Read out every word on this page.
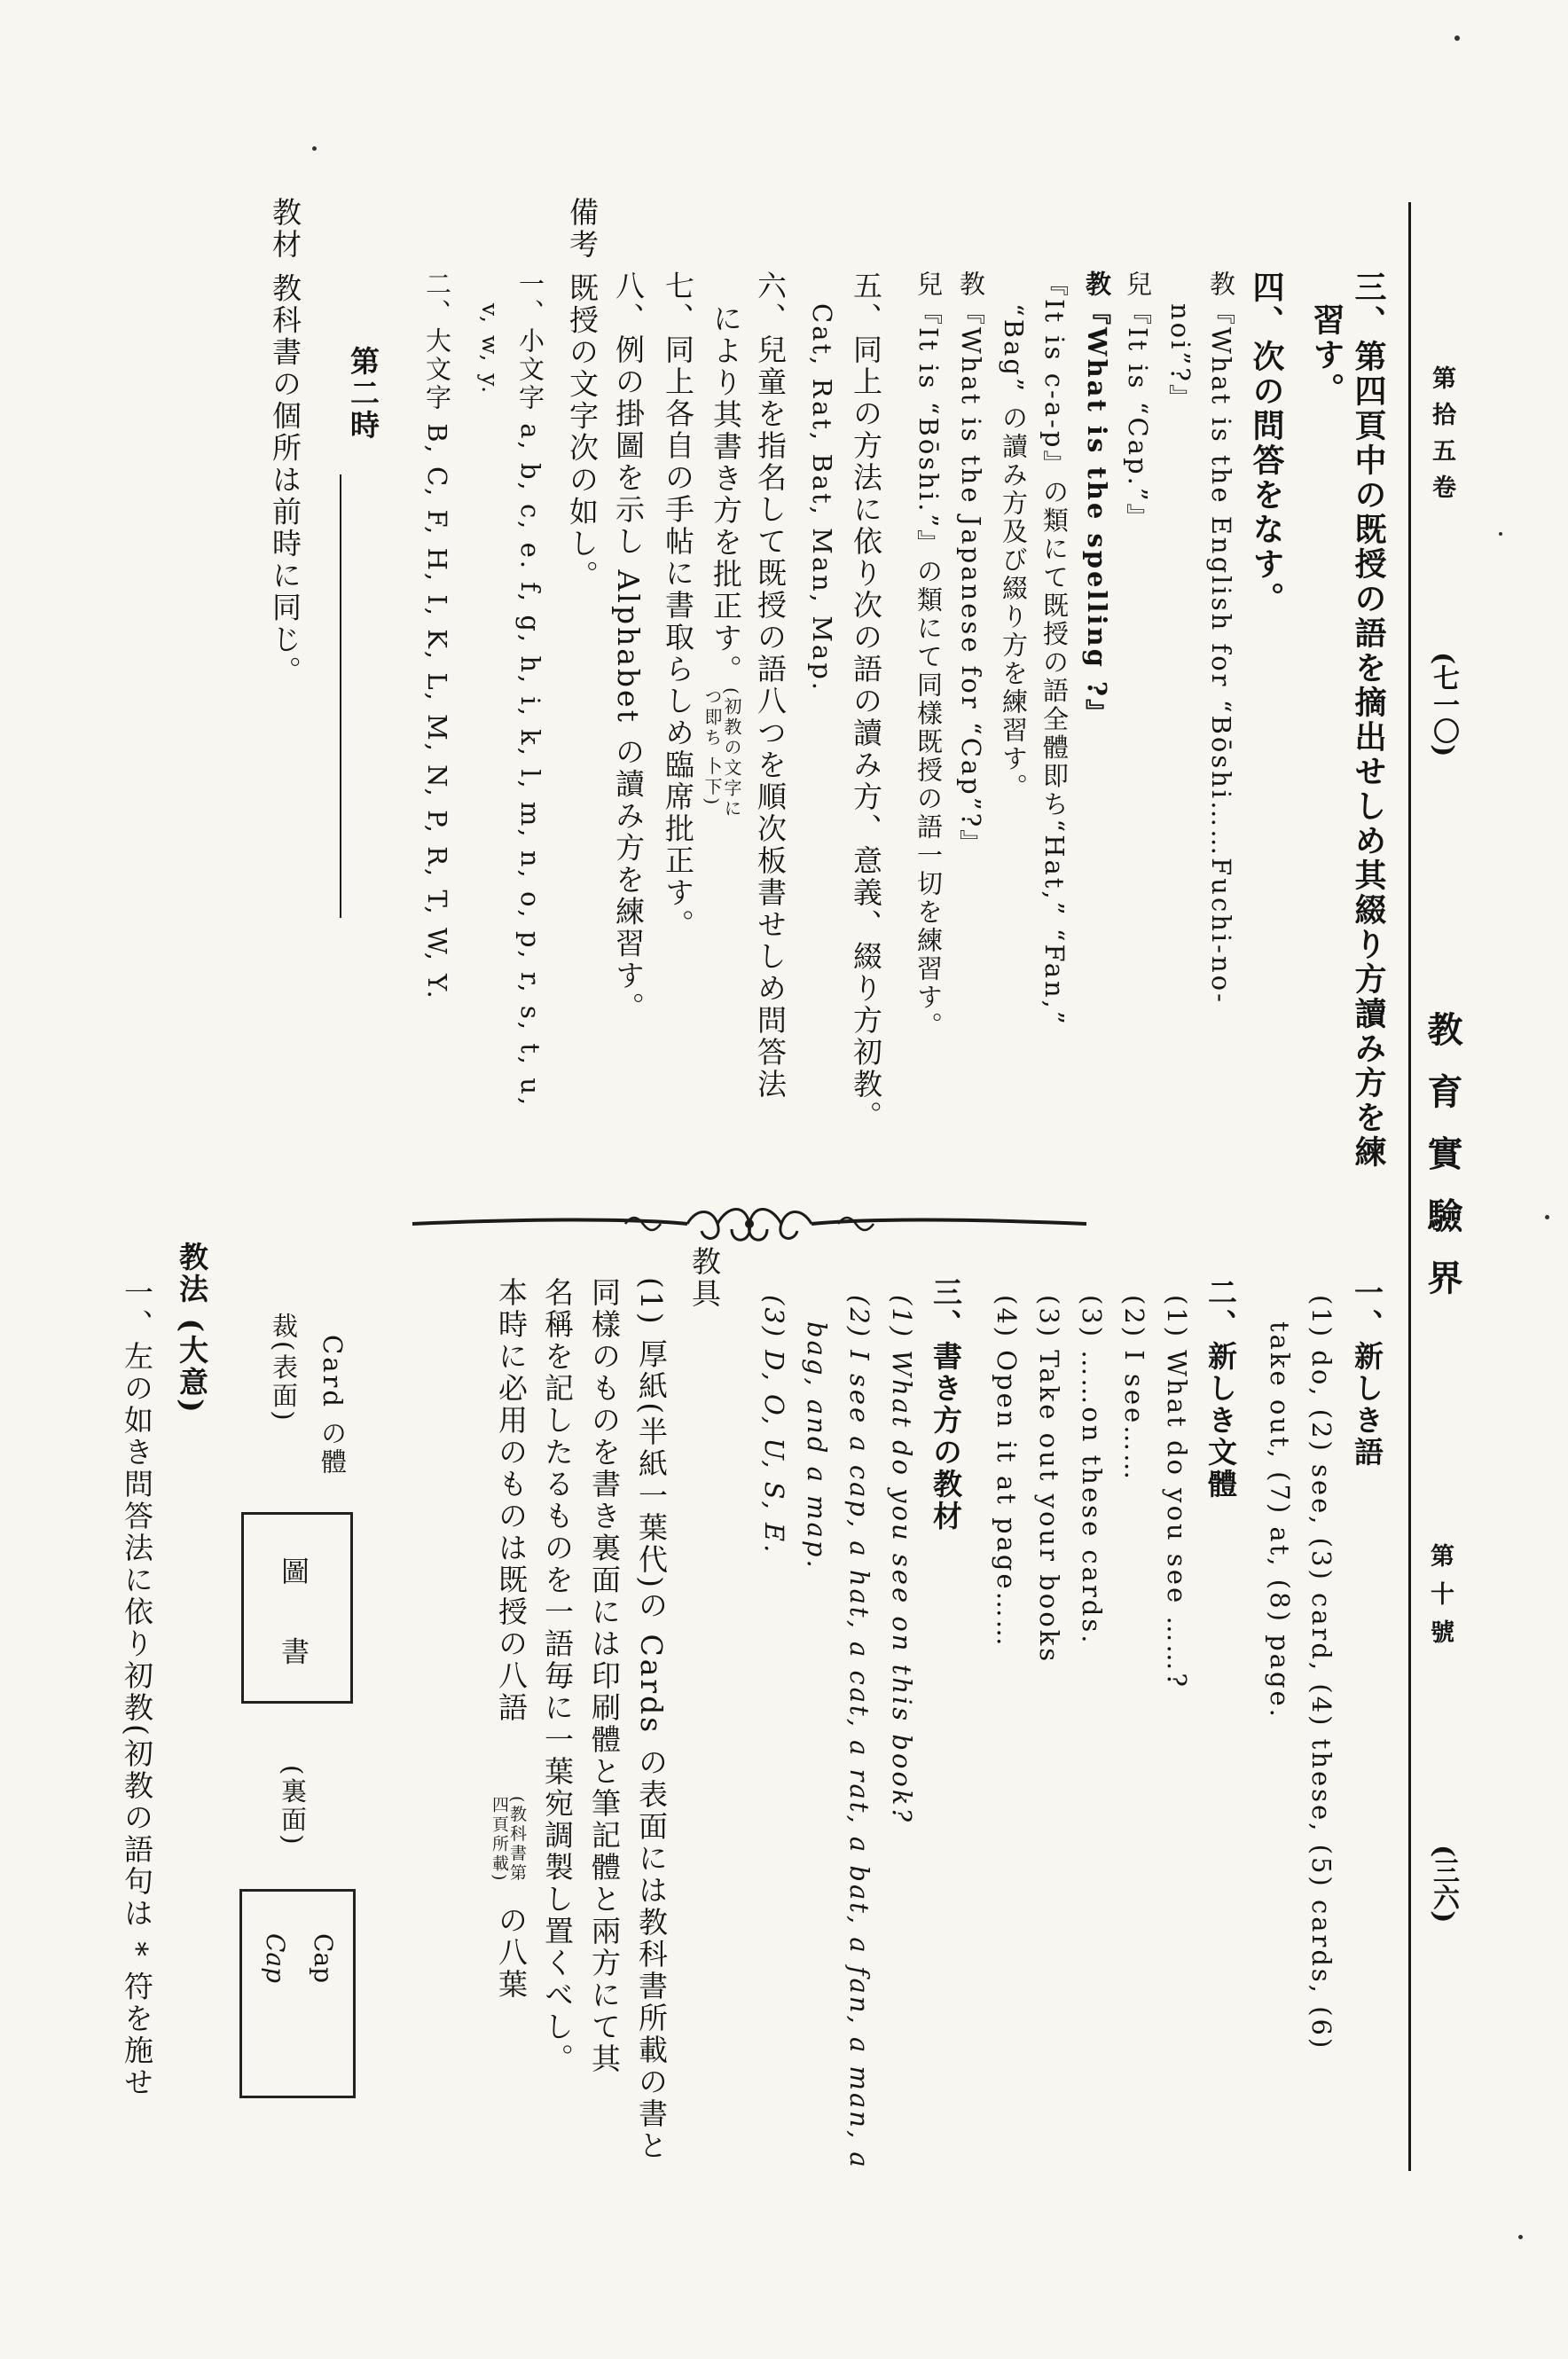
第拾五卷
(七一〇)
教育實驗界
第十號
(三六)
三、第四頁中の既授の語を摘出せしめ其綴り方讀み方を練
習す。
四、次の問答をなす。
教『What is the English for “Bōshi……Fuchi-no-
noi”?』
兒『It is “Cap.”』
教『What is the spelling ?』
『It is c-a-p』の類にて既授の語全體即ち“Hat,” “Fan,”
“Bag” の讀み方及び綴り方を練習す。
教『What is the Japanese for “Cap”?』
兒『It is “Bōshi.”』の類にて同樣既授の語一切を練習す。
五、同上の方法に依り次の語の讀み方、意義、綴り方初教。
Cat, Rat, Bat, Man, Map.
六、兒童を指名して既授の語八つを順次板書せしめ問答法
により其書き方を批正す。
(初教の文字に
つ即ち 卜下)
七、同上各自の手帖に書取らしめ臨席批正す。
八、例の掛圖を示し Alphabet の讀み方を練習す。
備考 既授の文字次の如し。
一、小文字 a, b, c, e. f, g, h, i, k, l, m, n, o, p, r, s, t, u,
v, w, y.
二、大文字 B, C, F, H, I, K, L, M, N, P, R, T, W, Y.
第二時
教材 教科書の個所は前時に同じ。
一、新しき語
(1) do, (2) see, (3) card, (4) these, (5) cards, (6)
take out, (7) at, (8) page.
二、新しき文體
(1) What do you see ……?
(2) I see……
(3) ……on these cards.
(3) Take out your books
(4) Open it at page……
三、書き方の教材
(1) What do you see on this book?
(2) I see a cap, a hat, a cat, a rat, a bat, a fan, a man, a
bag, and a map.
(3) D, O, U, S, E.
教具
(1) 厚紙(半紙一葉代)の Cards の表面には教科書所載の書と
同樣のものを書き裏面には印刷體と筆記體と兩方にて其
名稱を記したるものを一語毎に一葉宛調製し置くべし。
本時に必用のものは既授の八語
(教科書第
四頁所載)
の八葉
Card の體
裁(表面)
圖 書
(裏面)
Cap
Cap
教法 (大意)
一、左の如き問答法に依り初教(初教の語句は * 符を施せ
